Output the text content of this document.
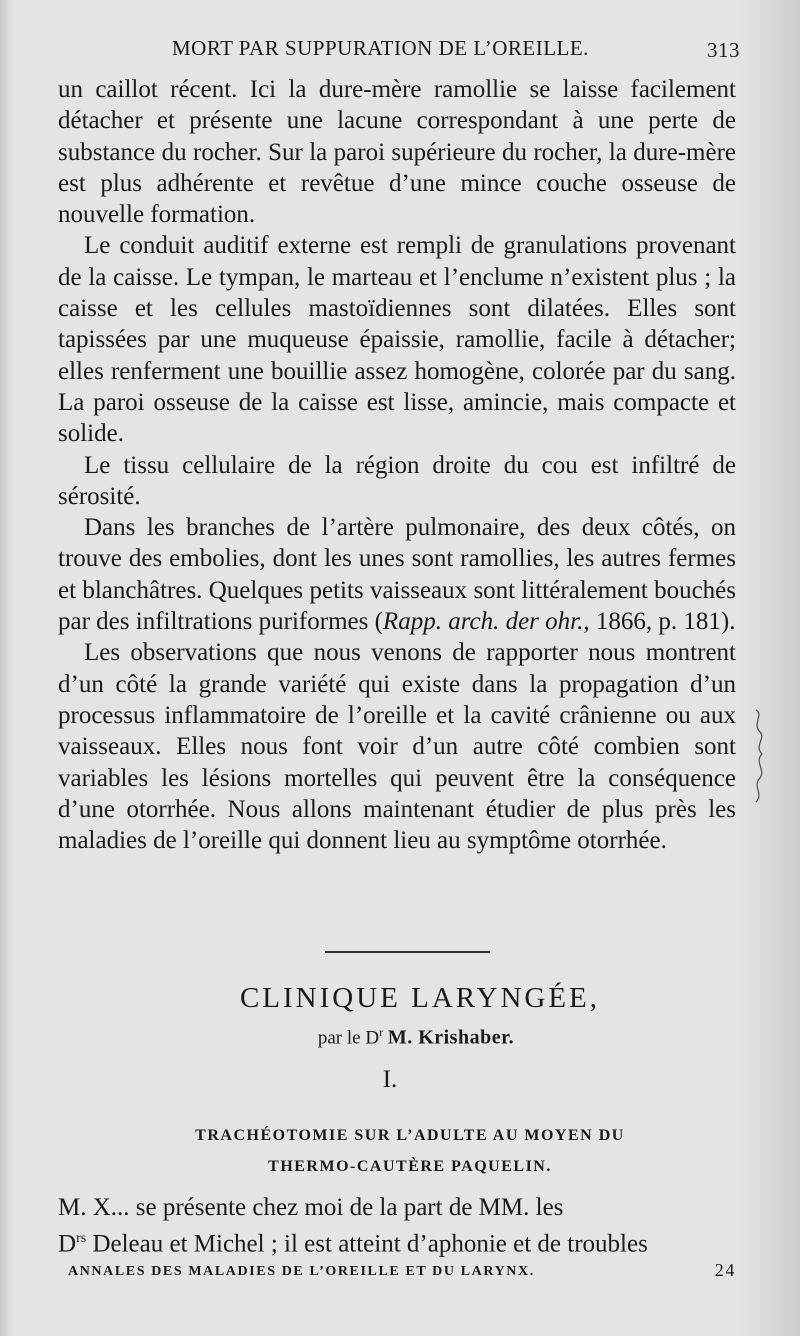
MORT PAR SUPPURATION DE L’OREILLE.	313

un caillot récent. Ici la dure-mère ramollie se laisse facilement détacher et présente une lacune correspondant à une perte de substance du rocher. Sur la paroi supérieure du rocher, la dure-mère est plus adhérente et revêtue d’une mince couche osseuse de nouvelle formation.

Le conduit auditif externe est rempli de granulations provenant de la caisse. Le tympan, le marteau et l’enclume n’existent plus ; la caisse et les cellules mastoïdiennes sont dilatées. Elles sont tapissées par une muqueuse épaissie, ramollie, facile à détacher; elles renferment une bouillie assez homogène, colorée par du sang. La paroi osseuse de la caisse est lisse, amincie, mais compacte et solide.

Le tissu cellulaire de la région droite du cou est infiltré de sérosité.

Dans les branches de l’artère pulmonaire, des deux côtés, on trouve des embolies, dont les unes sont ramollies, les autres fermes et blanchâtres. Quelques petits vaisseaux sont littéralement bouchés par des infiltrations puriformes (Rapp. arch. der ohr., 1866, p. 181).

Les observations que nous venons de rapporter nous montrent d’un côté la grande variété qui existe dans la propagation d’un processus inflammatoire de l’oreille et la cavité crânienne ou aux vaisseaux. Elles nous font voir d’un autre côté combien sont variables les lésions mortelles qui peuvent être la conséquence d’une otorrhée. Nous allons maintenant étudier de plus près les maladies de l’oreille qui donnent lieu au symptôme otorrhée.

CLINIQUE LARYNGÉE,
par le $D^r$ M. Krishaber.
I.
TRACHÉOTOMIE SUR L’ADULTE AU MOYEN DU
THERMO-CAUTÈRE PAQUELIN.

M. X... se présente chez moi de la part de MM. les

$D^{rs}$ Deleau et Michel ; il est atteint d’aphonie et de troubles

ANNALES DES MALADIES DE L’OREILLE ET DU LARYNX.	24
